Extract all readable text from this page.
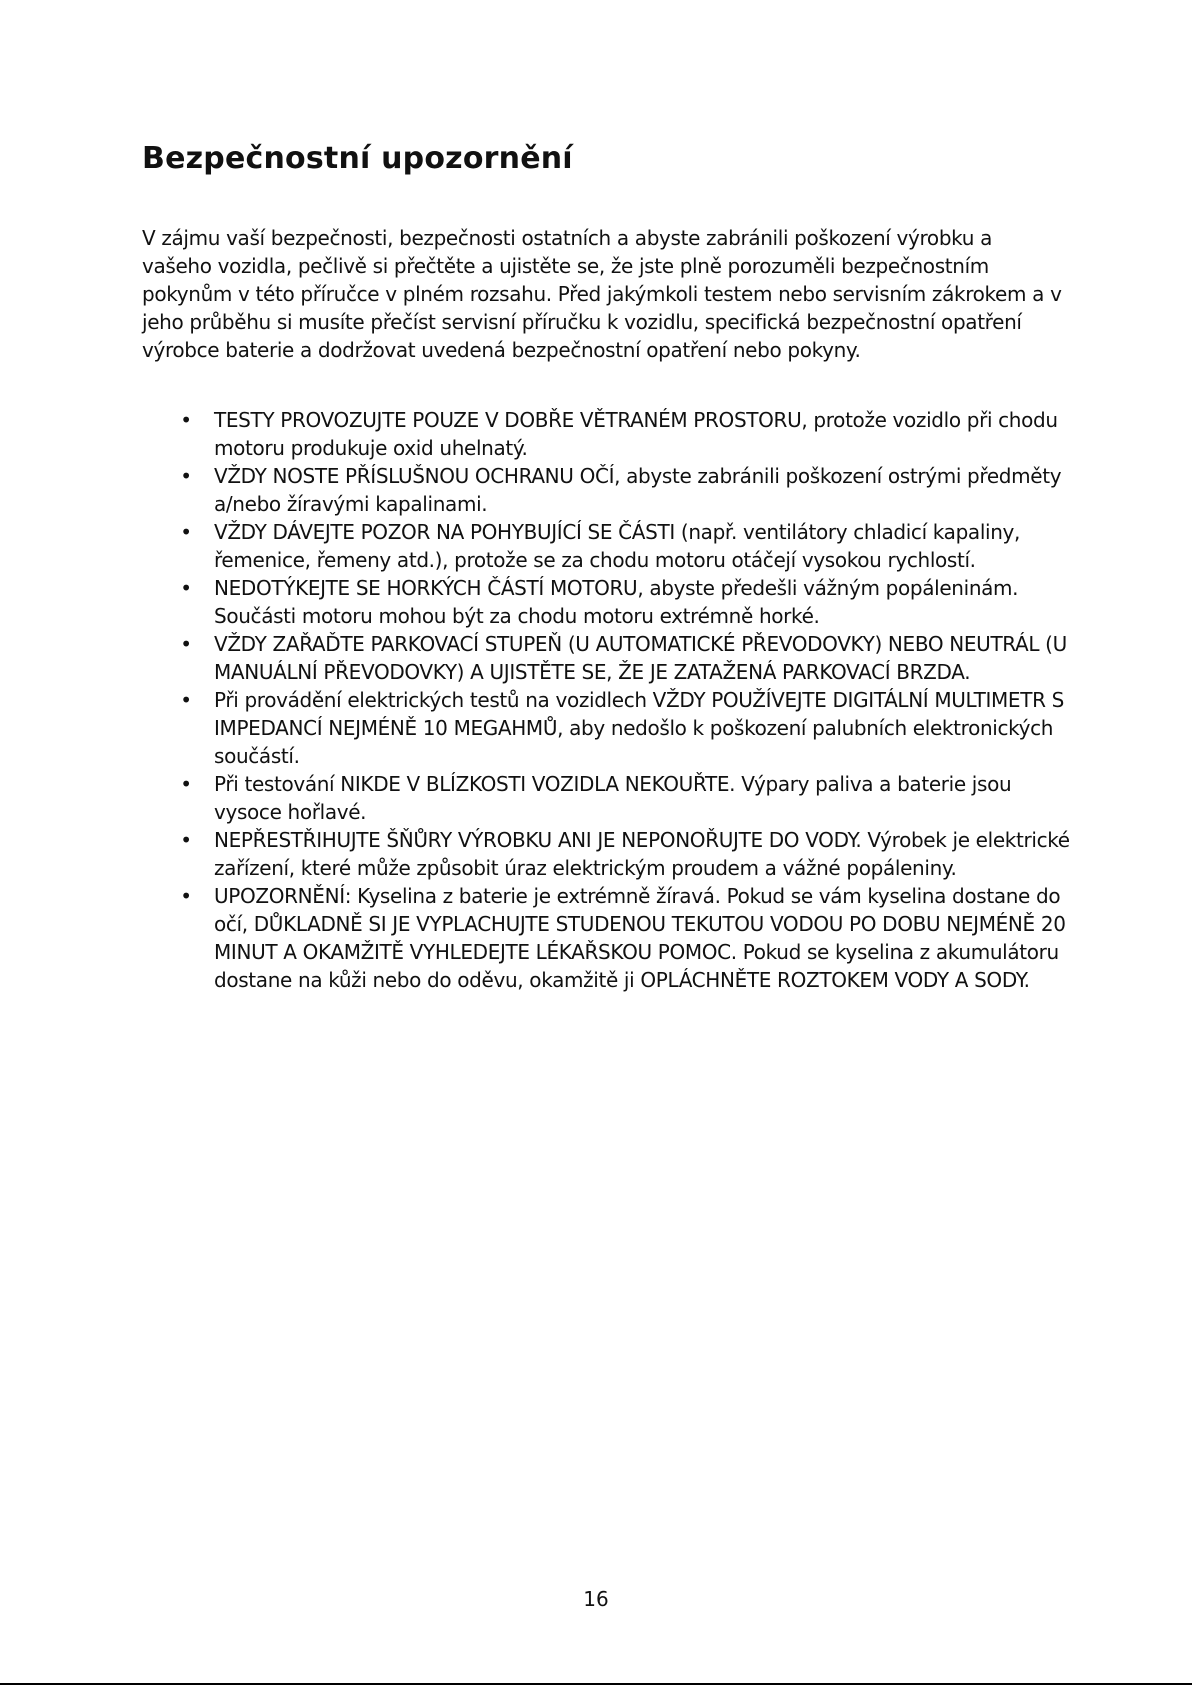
Bezpečnostní upozornění

V zájmu vaší bezpečnosti, bezpečnosti ostatních a abyste zabránili poškození výrobku a vašeho vozidla, pečlivě si přečtěte a ujistěte se, že jste plně porozuměli bezpečnostním pokynům v této příručce v plném rozsahu. Před jakýmkoli testem nebo servisním zákrokem a v jeho průběhu si musíte přečíst servisní příručku k vozidlu, specifická bezpečnostní opatření výrobce baterie a dodržovat uvedená bezpečnostní opatření nebo pokyny.

• TESTY PROVOZUJTE POUZE V DOBŘE VĚTRANÉM PROSTORU, protože vozidlo při chodu motoru produkuje oxid uhelnatý.
• VŽDY NOSTE PŘÍSLUŠNOU OCHRANU OČÍ, abyste zabránili poškození ostrými předměty a/nebo žíravými kapalinami.
• VŽDY DÁVEJTE POZOR NA POHYBUJÍCÍ SE ČÁSTI (např. ventilátory chladicí kapaliny, řemenice, řemeny atd.), protože se za chodu motoru otáčejí vysokou rychlostí.
• NEDOTÝKEJTE SE HORKÝCH ČÁSTÍ MOTORU, abyste předešli vážným popáleninám. Součásti motoru mohou být za chodu motoru extrémně horké.
• VŽDY ZAŘAĎTE PARKOVACÍ STUPEŇ (U AUTOMATICKÉ PŘEVODOVKY) NEBO NEUTRÁL (U MANUÁLNÍ PŘEVODOVKY) A UJISTĚTE SE, ŽE JE ZATAŽENÁ PARKOVACÍ BRZDA.
• Při provádění elektrických testů na vozidlech VŽDY POUŽÍVEJTE DIGITÁLNÍ MULTIMETR S IMPEDANCÍ NEJMÉNĚ 10 MEGAHMŮ, aby nedošlo k poškození palubních elektronických součástí.
• Při testování NIKDE V BLÍZKOSTI VOZIDLA NEKOUŘTE. Výpary paliva a baterie jsou vysoce hořlavé.
• NEPŘESTŘIHUJTE ŠŇŮRY VÝROBKU ANI JE NEPONOŘUJTE DO VODY. Výrobek je elektrické zařízení, které může způsobit úraz elektrickým proudem a vážné popáleniny.
• UPOZORNĚNÍ: Kyselina z baterie je extrémně žíravá. Pokud se vám kyselina dostane do očí, DŮKLADNĚ SI JE VYPLACHUJTE STUDENOU TEKUTOU VODOU PO DOBU NEJMÉNĚ 20 MINUT A OKAMŽITĚ VYHLEDEJTE LÉKAŘSKOU POMOC. Pokud se kyselina z akumulátoru dostane na kůži nebo do oděvu, okamžitě ji OPLÁCHNĚTE ROZTOKEM VODY A SODY.
16
